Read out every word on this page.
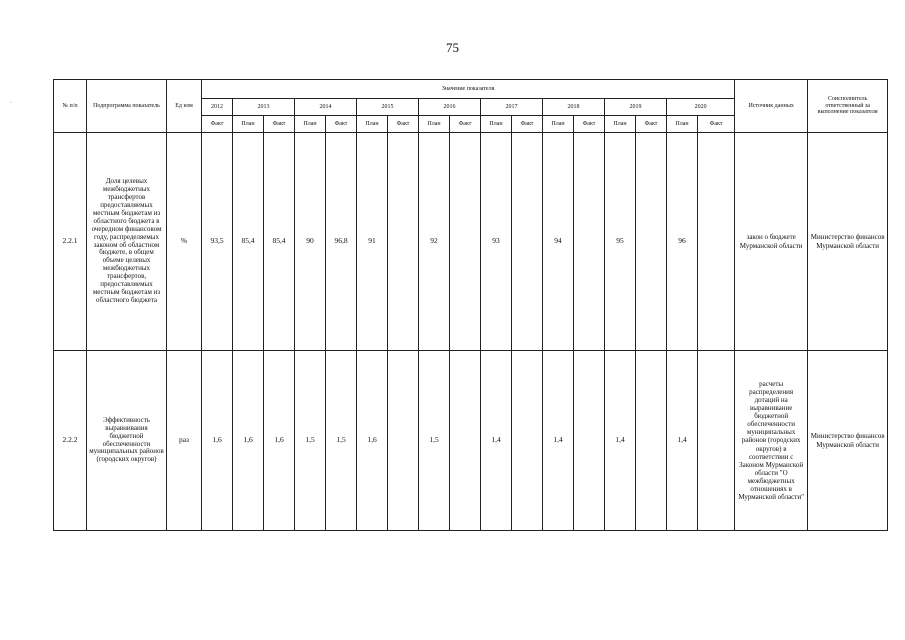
75
·	№ п/п	Подпрограмма показатель	Ед изм	Значение показателя																	Источник данных	Соисполнитель ответственный за выполнение показателя
			2012	2013		2014		2015		2016		2017		2018		2019		2020			
			Факт	План	Факт	План	Факт	План	Факт	План	Факт	План	Факт	План	Факт	План	Факт	План	Факт		
2.2.1	Доля целевых межбюджетных трансфертов предоставляемых местным бюджетам из областного бюджета в очередном финансовом году, распределяемых законом об областном бюджете, в общем объеме целевых межбюджетных трансфертов, предоставляемых местным бюджетам из областного бюджета	%	93,5	85,4	85,4	90	96,8	91		92		93		94		95		96		закон о бюджете Мурманской области	Министерство финансов Мурманской области
2.2.2	Эффективность выравнивания бюджетной обеспеченности муниципальных районов (городских округов)	раз	1,6	1,6	1,6	1,5	1,5	1,6		1,5		1,4		1,4		1,4		1,4		расчеты распределения дотаций на выравнивание бюджетной обеспеченности муниципальных районов (городских округов) в соответствии с Законом Мурманской области "О межбюджетных отношениях в Мурманской области"	Министерство финансов Мурманской области
